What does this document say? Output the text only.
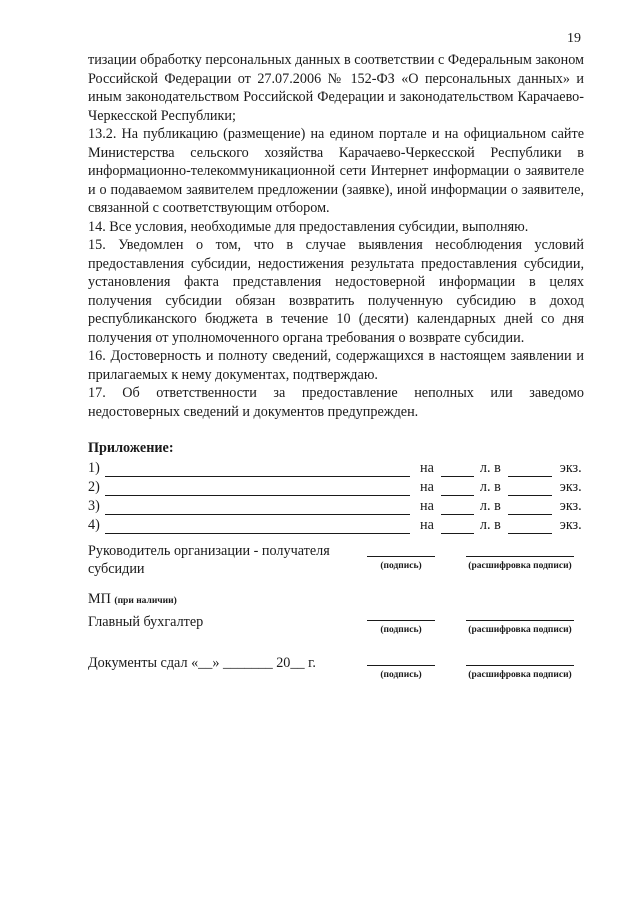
19

тизации обработку персональных данных в соответствии с Федеральным законом Российской Федерации от 27.07.2006 № 152-ФЗ «О персональных данных» и иным законодательством Российской Федерации и законодательством Карачаево-Черкесской Республики;

13.2. На публикацию (размещение) на едином портале и на официальном сайте Министерства сельского хозяйства Карачаево-Черкесской Республики в информационно-телекоммуникационной сети Интернет информации о заявителе и о подаваемом заявителем предложении (заявке), иной информации о заявителе, связанной с соответствующим отбором.

14. Все условия, необходимые для предоставления субсидии, выполняю.

15. Уведомлен о том, что в случае выявления несоблюдения условий предоставления субсидии, недостижения результата предоставления субсидии, установления факта представления недостоверной информации в целях получения субсидии обязан возвратить полученную субсидию в доход республиканского бюджета в течение 10 (десяти) календарных дней со дня получения от уполномоченного органа требования о возврате субсидии.

16. Достоверность и полноту сведений, содержащихся в настоящем заявлении и прилагаемых к нему документах, подтверждаю.

17. Об ответственности за предоставление неполных или заведомо недостоверных сведений и документов предупрежден.

Приложение:
1)	на	л. в	экз.
2)	на	л. в	экз.
3)	на	л. в	экз.
4)	на	л. в	экз.
Руководитель организации - получателя
субсидии	(подпись)	(расшифровка подписи)
МП (при наличии)
Главный бухгалтер	(подпись)	(расшифровка подписи)
Документы сдал «__» _______ 20__ г.
(подпись)	(расшифровка подписи)
